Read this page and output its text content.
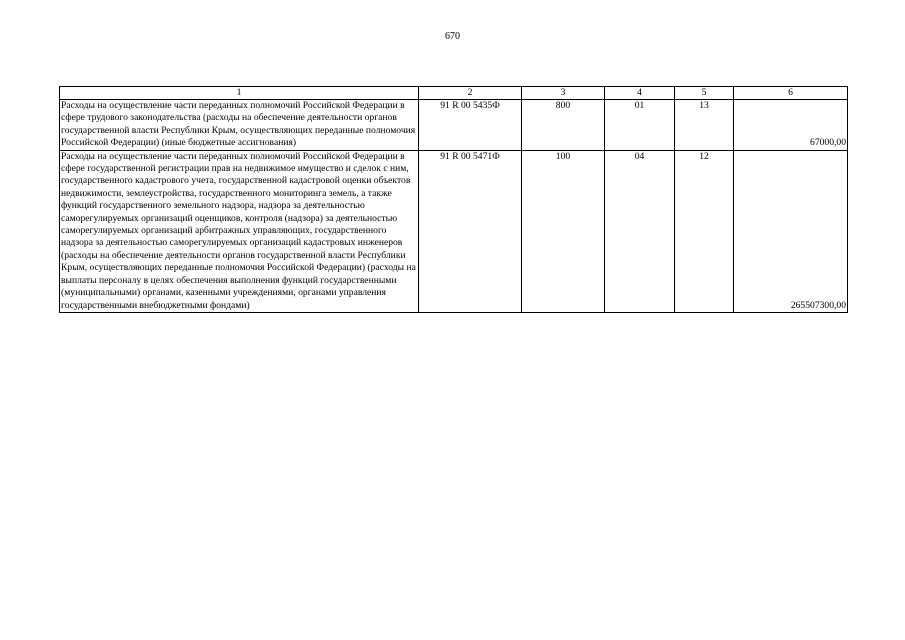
670
1	2	3	4	5	6
Расходы на осуществление части переданных полномочий Российской Федерации в сфере трудового законодательства (расходы на обеспечение деятельности органов государственной власти Республики Крым, осуществляющих переданные полномочия Российской Федерации) (иные бюджетные ассигнования)	91 R 00 5435Ф	800	01	13	67000,00
Расходы на осуществление части переданных полномочий Российской Федерации в сфере государственной регистрации прав на недвижимое имущество и сделок с ним, государственного кадастрового учета, государственной кадастровой оценки объектов недвижимости, землеустройства, государственного мониторинга земель, а также функций государственного земельного надзора, надзора за деятельностью саморегулируемых организаций оценщиков, контроля (надзора) за деятельностью саморегулируемых организаций арбитражных управляющих, государственного надзора за деятельностью саморегулируемых организаций кадастровых инженеров (расходы на обеспечение деятельности органов государственной власти Республики Крым, осуществляющих переданные полномочия Российской Федерации) (расходы на выплаты персоналу в целях обеспечения выполнения функций государственными (муниципальными) органами, казенными учреждениями, органами управления государственными внебюджетными фондами)	91 R 00 5471Ф	100	04	12	265507300,00
